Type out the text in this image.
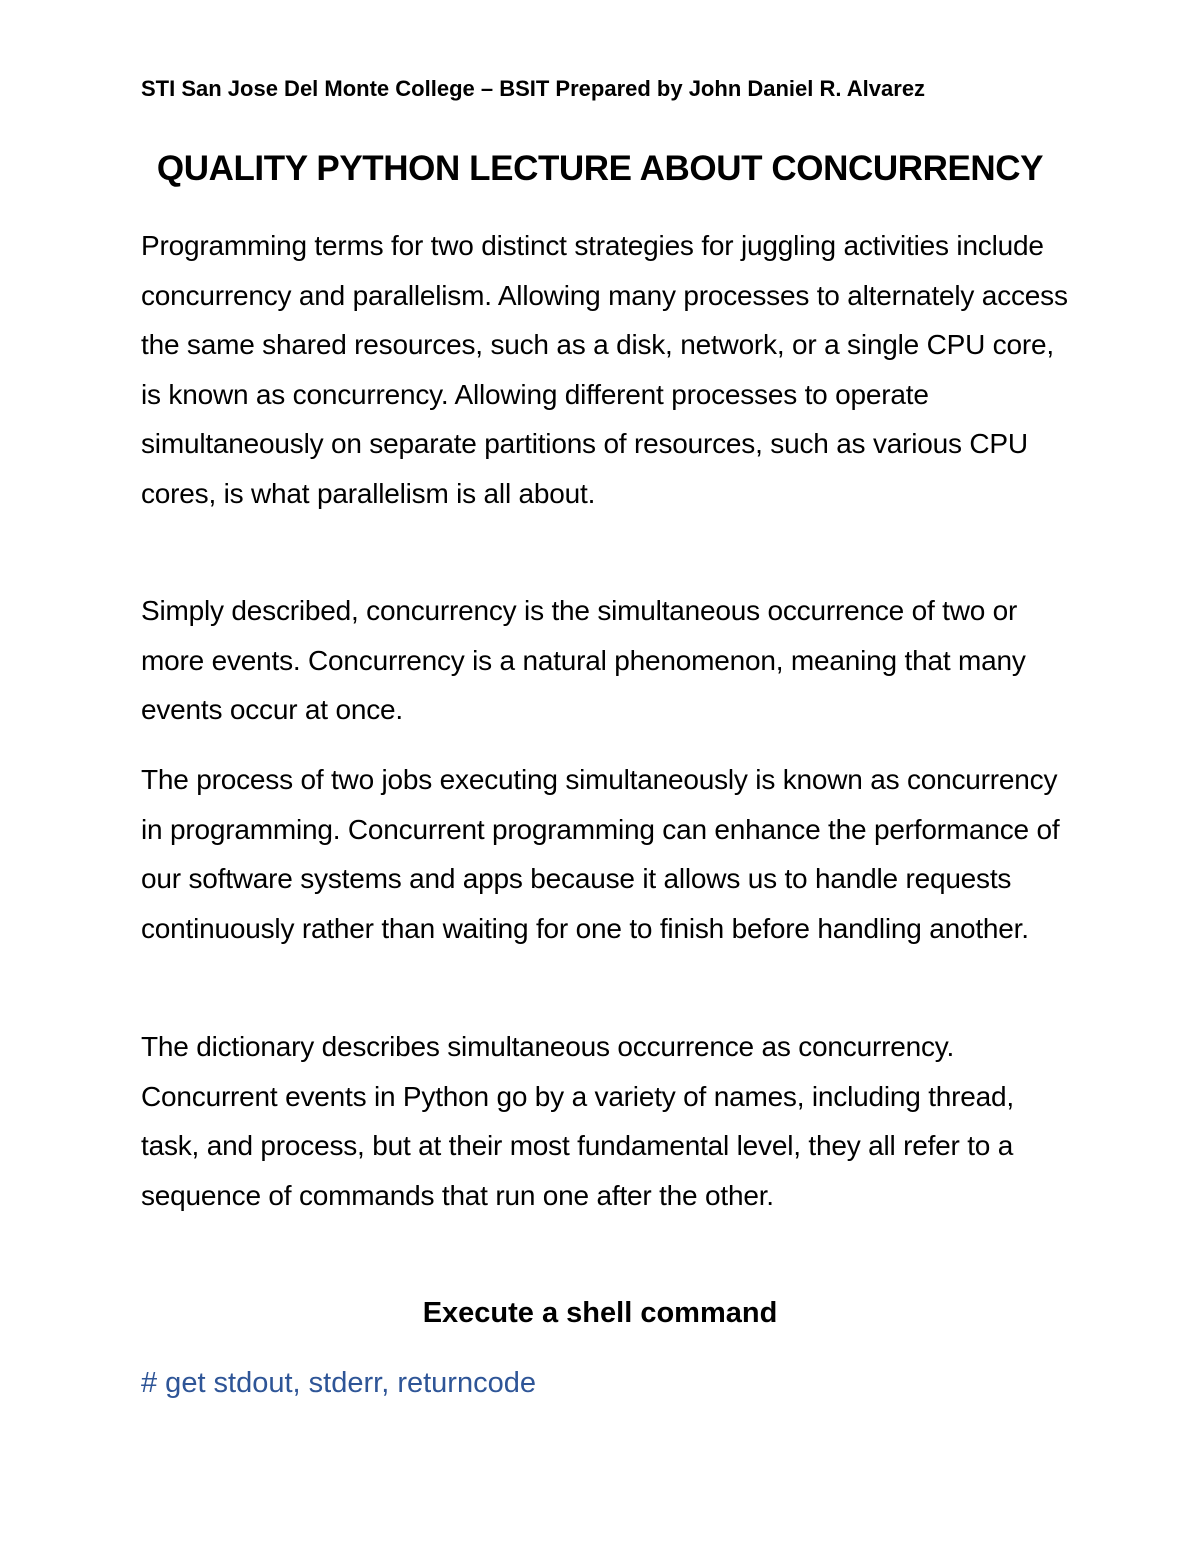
STI San Jose Del Monte College – BSIT Prepared by John Daniel R. Alvarez
QUALITY PYTHON LECTURE ABOUT CONCURRENCY

Programming terms for two distinct strategies for juggling activities include concurrency and parallelism. Allowing many processes to alternately access the same shared resources, such as a disk, network, or a single CPU core, is known as concurrency. Allowing different processes to operate simultaneously on separate partitions of resources, such as various CPU cores, is what parallelism is all about.

Simply described, concurrency is the simultaneous occurrence of two or more events. Concurrency is a natural phenomenon, meaning that many events occur at once.

The process of two jobs executing simultaneously is known as concurrency in programming. Concurrent programming can enhance the performance of our software systems and apps because it allows us to handle requests continuously rather than waiting for one to finish before handling another.

The dictionary describes simultaneous occurrence as concurrency. Concurrent events in Python go by a variety of names, including thread, task, and process, but at their most fundamental level, they all refer to a sequence of commands that run one after the other.

Execute a shell command
# get stdout, stderr, returncode
